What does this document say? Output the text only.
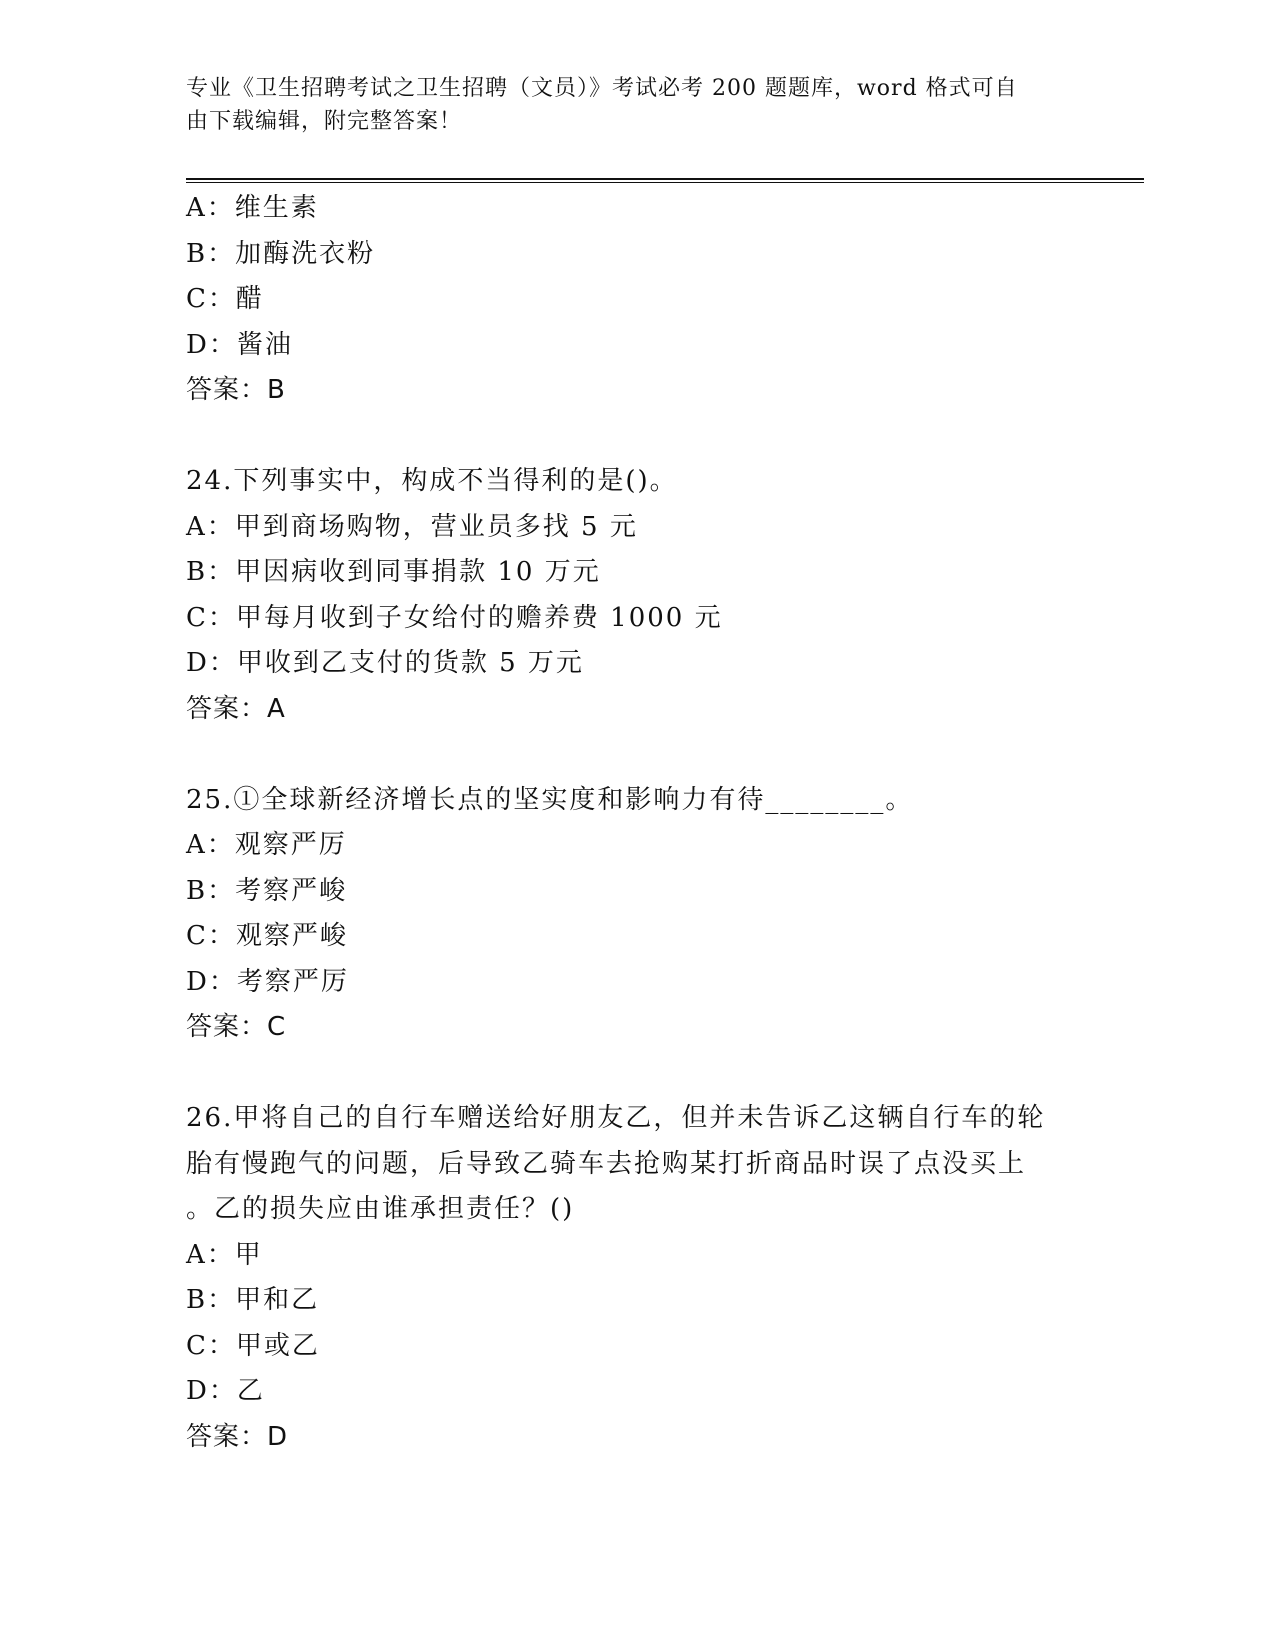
专业《卫生招聘考试之卫生招聘（文员）》考试必考 200 题题库，word 格式可自
由下载编辑，附完整答案！
A：维生素
B：加酶洗衣粉
C：醋
D：酱油
答案：B
24.下列事实中，构成不当得利的是()。
A：甲到商场购物，营业员多找 5 元
B：甲因病收到同事捐款 10 万元
C：甲每月收到子女给付的赡养费 1000 元
D：甲收到乙支付的货款 5 万元
答案：A
25.①全球新经济增长点的坚实度和影响力有待________。
A：观察严厉
B：考察严峻
C：观察严峻
D：考察严厉
答案：C
26.甲将自己的自行车赠送给好朋友乙，但并未告诉乙这辆自行车的轮
胎有慢跑气的问题，后导致乙骑车去抢购某打折商品时误了点没买上
。乙的损失应由谁承担责任？()
A：甲
B：甲和乙
C：甲或乙
D：乙
答案：D
